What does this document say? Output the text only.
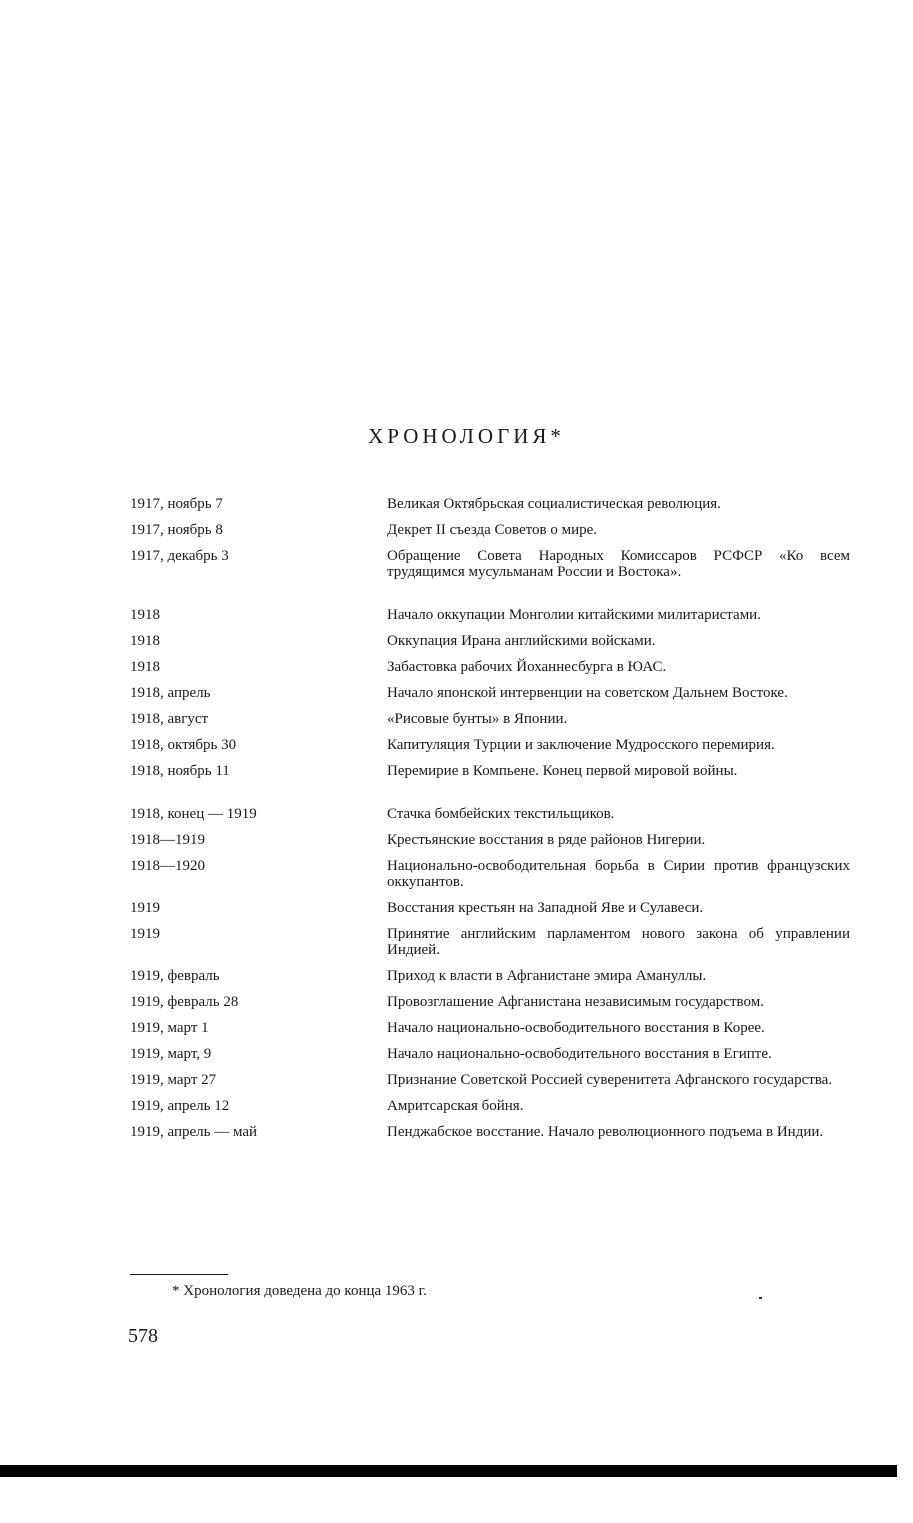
ХРОНОЛОГИЯ*
1917, ноябрь 7	Великая Октябрьская социалистическая революция.
1917, ноябрь 8	Декрет II съезда Советов о мире.
1917, декабрь 3	Обращение Совета Народных Комиссаров РСФСР «Ко всем трудящимся мусульманам России и Востока».
1918	Начало оккупации Монголии китайскими милитаристами.
1918	Оккупация Ирана английскими войсками.
1918	Забастовка рабочих Йоханнесбурга в ЮАС.
1918, апрель	Начало японской интервенции на советском Дальнем Востоке.
1918, август	«Рисовые бунты» в Японии.
1918, октябрь 30	Капитуляция Турции и заключение Мудросского перемирия.
1918, ноябрь 11	Перемирие в Компьене. Конец первой мировой войны.
1918, конец — 1919	Стачка бомбейских текстильщиков.
1918—1919	Крестьянские восстания в ряде районов Нигерии.
1918—1920	Национально-освободительная борьба в Сирии против французских оккупантов.
1919	Восстания крестьян на Западной Яве и Сулавеси.
1919	Принятие английским парламентом нового закона об управлении Индией.
1919, февраль	Приход к власти в Афганистане эмира Амануллы.
1919, февраль 28	Провозглашение Афганистана независимым государством.
1919, март 1	Начало национально-освободительного восстания в Корее.
1919, март, 9	Начало национально-освободительного восстания в Египте.
1919, март 27	Признание Советской Россией суверенитета Афганского государства.
1919, апрель 12	Амритсарская бойня.
1919, апрель — май	Пенджабское восстание. Начало революционного подъема в Индии.
* Хронология доведена до конца 1963 г.
578
